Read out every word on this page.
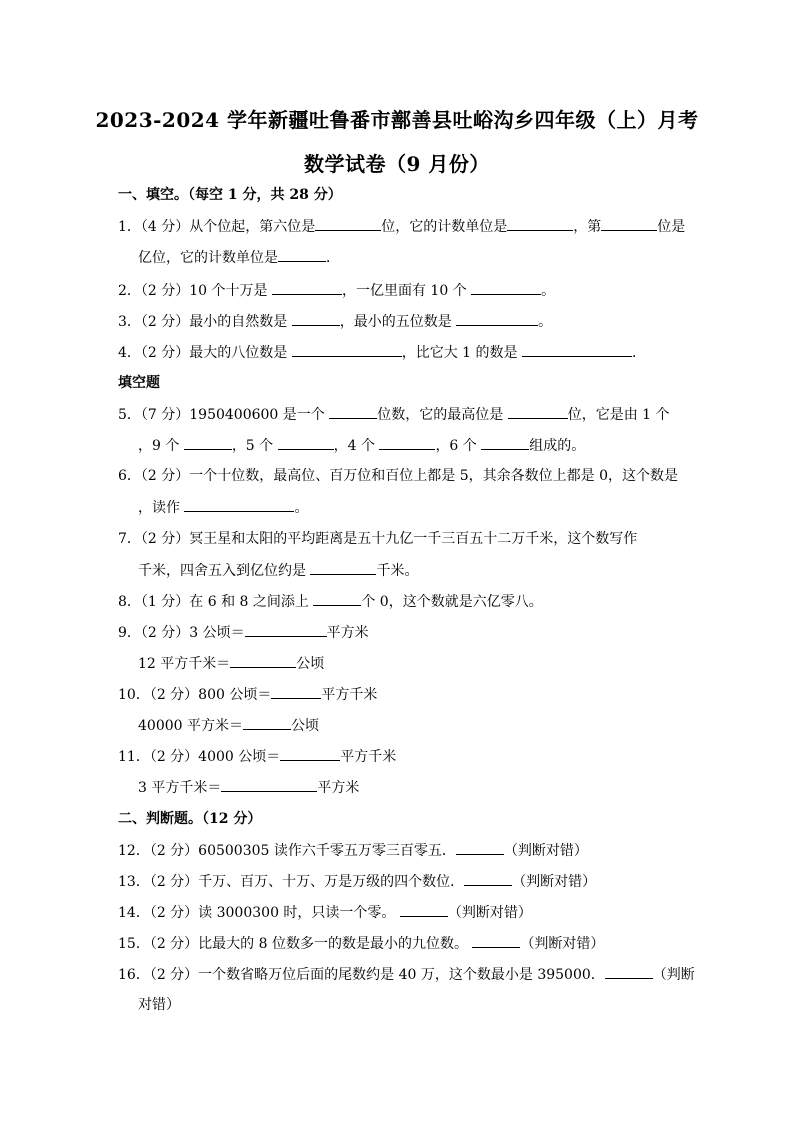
2023-2024 学年新疆吐鲁番市鄯善县吐峪沟乡四年级（上）月考
数学试卷（9 月份）
一、填空。（每空 1 分，共 28 分）
1．（4 分）从个位起，第六位是	位，它的计数单位是	，第	位是
亿位，它的计数单位是	．
2．（2 分）10 个十万是	，一亿里面有 10 个	。
3．（2 分）最小的自然数是	，最小的五位数是	。
4．（2 分）最大的八位数是	，比它大 1 的数是	．
填空题
5．（7 分）1950400600 是一个	位数，它的最高位是	位，它是由 1 个
，9 个	，5 个	，4 个	，6 个	组成的。
6．（2 分）一个十位数，最高位、百万位和百位上都是 5，其余各数位上都是 0，这个数是
，读作	。
7．（2 分）冥王星和太阳的平均距离是五十九亿一千三百五十二万千米，这个数写作
千米，四舍五入到亿位约是	千米。
8．（1 分）在 6 和 8 之间添上	个 0，这个数就是六亿零八。
9．（2 分）3 公顷＝	平方米
12 平方千米＝	公顷
10．（2 分）800 公顷＝	平方千米
40000 平方米＝	公顷
11．（2 分）4000 公顷＝	平方千米
3 平方千米＝	平方米
二、判断题。（12 分）
12．（2 分）60500305 读作六千零五万零三百零五．	（判断对错）
13．（2 分）千万、百万、十万、万是万级的四个数位．	（判断对错）
14．（2 分）读 3000300 时，只读一个零。	（判断对错）
15．（2 分）比最大的 8 位数多一的数是最小的九位数。	（判断对错）
16．（2 分）一个数省略万位后面的尾数约是 40 万，这个数最小是 395000．	（判断
对错）
